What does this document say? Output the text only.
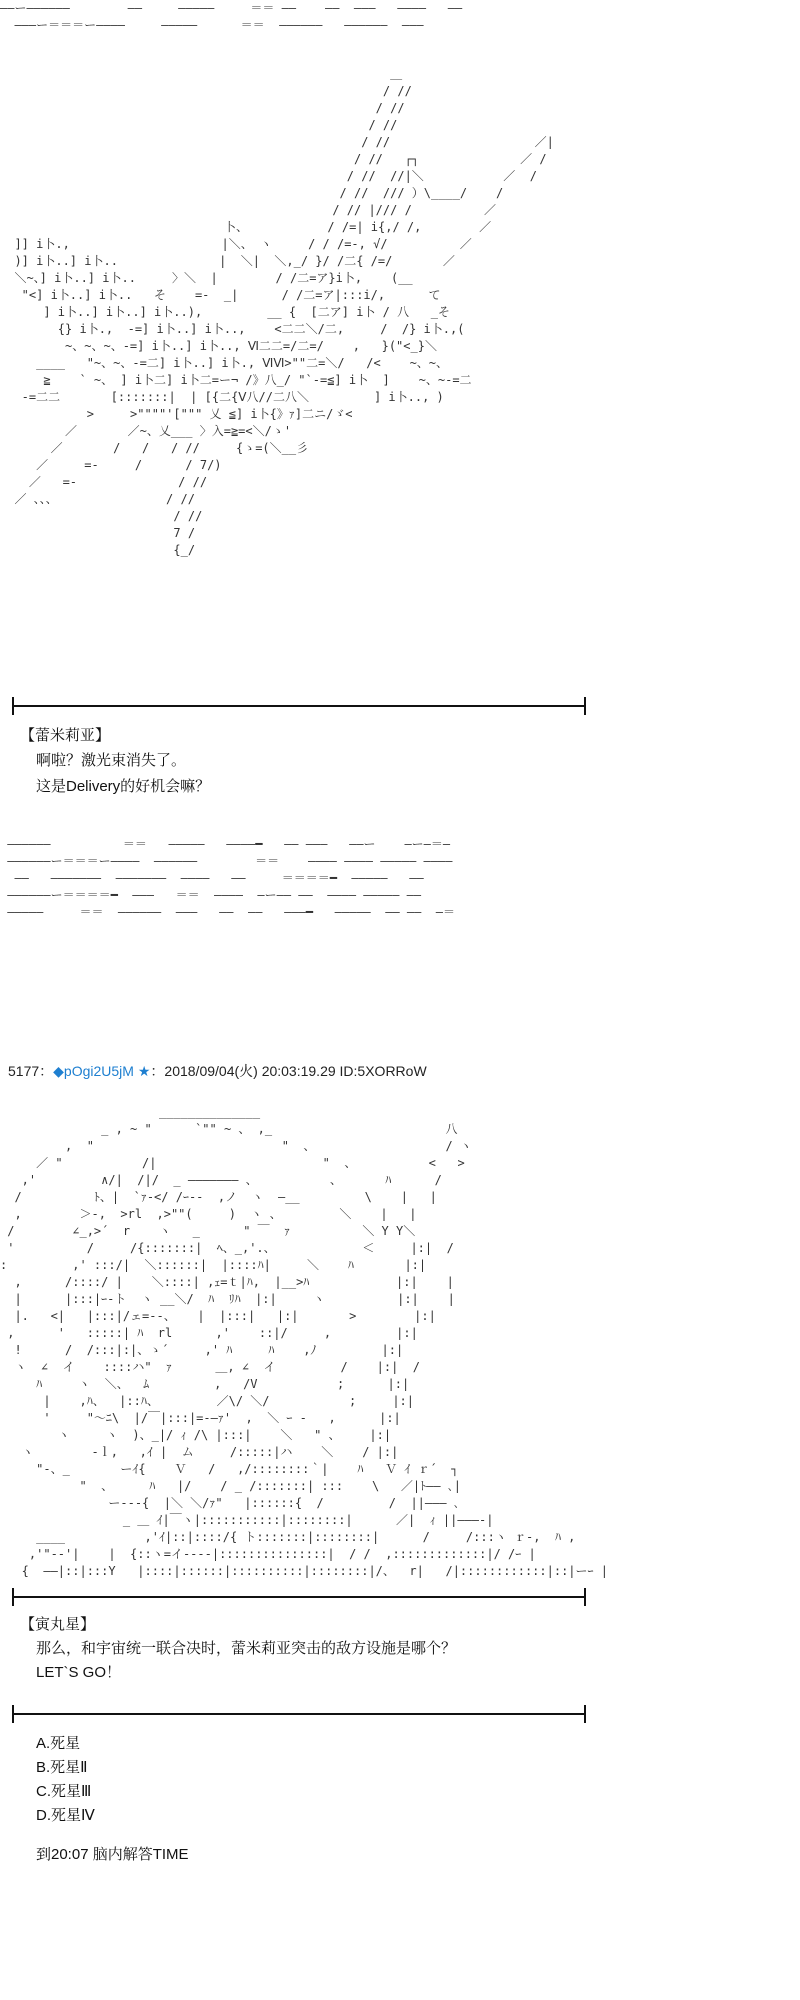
——ー——————        ——     —————     ＝＝ ——    ——  ———   ————   ——
———ー＝＝＝ー————     —————      ＝＝  ——————   ——————  ———
＿
/ //
/ //
/ //
/ //                    ／|
/ //   ┌┐              ／ /
/ //  //|＼           ／  /
/ //  /// ）\____/    /
/ // |/// /          ／
卜、           / /=| i{,/ /,        ／
]] i卜.,                     |＼、 ヽ     / / /=-, √/          ／
)] i卜..] i卜..              |  ＼|  ＼,_/ }/ /二{ /=/       ／
＼~、] i卜..] i卜..     〉＼  |        / /二=ア}i卜,    (__
"<] i卜..] i卜..   そ    =-  _|      / /二=ア|:::i/,      て
] i卜..] i卜..] i卜..),         __ {  [二ア] i卜 / 八   _そ
{} i卜.,  -=] i卜..] i卜..,    <二二＼/二,     /  /} i卜.,(
~、~、~、-=] i卜..] i卜.., Ⅵ二二=/二=/    ,   }("<_}＼
____   "~、~、-=二] i卜..] i卜., ⅥⅥ>""二=＼/   /<    ~、~、
≧    ` ~、 ] i卜二] i卜二=ー¬ /》八_/ "`-=≦] i卜  ]    ~、~-=二
-=二二       [:::::::|  | [{二{Ⅴ八//二八＼         ] i卜.., )
>     >""""'[""" 乂 ≦] i卜{》ｧ]二ニ/ゞ<
／       ／~、乂___ 〉入=≧=<＼/ゝ'
／       /   /   / //     {ゝ=(＼__彡
／     =-     /      / 7/)
／   =-              / //
／ 、、、               / //
/ //
7 /
{_/
【蕾米莉亚】
啊啦？激光束消失了。
这是Delivery的好机会嘛？
——————          ＝＝   —————   ————━   —— ———   ——ー    —ー—＝—
——————ー＝＝＝ー————  ——————        ＝＝    ———— ———— ————— ————
——   ———————  ———————  ————   ——     ＝＝＝＝━  —————   ——
——————ー＝＝＝＝━  ———   ＝＝  ————  —ー—— ——  ———— ————— ——
—————     ＝＝  ——————  ———   ——  ——   ———━   —————  —— ——  —＝
5177：◆pOgi2U5jM ★：2018/09/04(火) 20:03:19.29 ID:5XORRoW
______________
_ , ~ "      `"" ~ 、 ,_                        八
,  "                          "  、                  / ヽ
／ "           /|                       "  、          <   >
,'         ∧/|  /|/  _ ――――――― 、          、      ﾊ      /
/          ﾄ、|  `ｧ-</ /ｰ--  ,ノ  ヽ  ―__         \    |   |
,        ＞-,  >rl  ,>""(     )  ヽ 、        ＼    |   |
/        ∠_,>´  r    ヽ   _      " ￣  ｧ          ＼ Y Y＼
'          /     /{:::::::|  ﾍ、_,'.、            ＜     |:|  /
:         ,' :::/|  ＼::::::|  |::::ﾊ|     ＼    ﾊ       |:|
,      /::::/ |    ＼::::| ,ｪ=ｔ|ﾊ,  |__>ﾊ            |:|    |
|      |:::|ｰ-ト  ヽ __＼/  ﾊ  ﾘﾊ  |:|     ヽ          |:|    |
|.   <|   |:::|/ェ=-‐、   |  |:::|   |:|       >        |:|
,      '   :::::| ﾊ  rl      ,'    ::|/     ,         |:|
!      /  /:::|:|、ゝ´     ,' ﾊ     ﾊ    ,ﾉ         |:|
ヽ  ∠  イ    ::::ハ"  ｧ      ＿, ∠  イ         /    |:|  /
ﾊ     ヽ  ＼、  ﾑ         ,   /V           ;      |:|
|    ,ﾊ、  |::ﾊ、        ／\/ ＼/           ;     |:|
'     "～ﾆ\  |/￣|:::|=‐―ｧ'  ,  ＼ ｰ -   ,      |:|
ヽ     ヽ  )、_|/ ｨ /\ |:::|    ＼   " 、    |:|
ヽ        -ｌ,   ,ｲ |  ム     /:::::|ハ    ＼    / |:|
"-、_       ーｲ{    Ｖ   /   ,/::::::::｀|    ﾊ   Ｖ ｲ ｒ´  ┐
"  、     ﾊ   |/    / _ /:::::::| :::    \   ／|ﾄ―― ､|
ー---{  |＼ ＼/ｧ"   |::::::{  /         /  ||――― ､
_ ＿ ｲ|￣ヽ|:::::::::::|::::::::|      ／|  ｨ ||―――‐|
____           ,'ｲ|::|::::/{ ト:::::::|::::::::|      /     /:::ヽ ｒ‐,  ﾊ ,
,'"‐‐'|    |  {::ヽ=イ----|:::::::::::::::|  / /  ,:::::::::::::|/ /ｰ |
{  ――|::|:::Y   |::::|::::::|::::::::::|::::::::|/、  r|   /|::::::::::::|::|ーｰ |
【寅丸星】
那么，和宇宙统一联合决时，蕾米莉亚突击的敌方设施是哪个？
LET`S GO！
A.死星
B.死星Ⅱ
C.死星Ⅲ
D.死星Ⅳ
到20:07 脑内解答TIME
